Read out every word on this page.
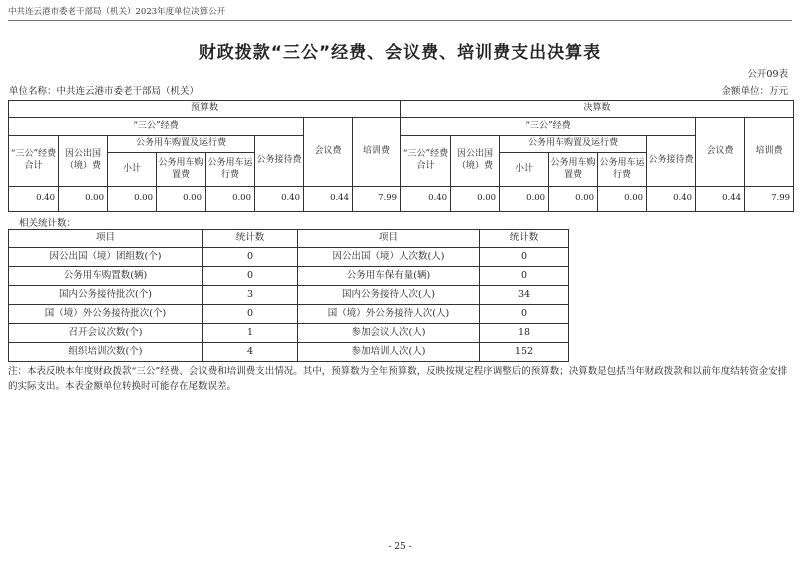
中共连云港市委老干部局（机关）2023年度单位决算公开
财政拨款“三公”经费、会议费、培训费支出决算表
公开09表
单位名称：中共连云港市委老干部局（机关）	金额单位：万元
预算数								决算数							
“三公”经费						会议费	培训费	“三公”经费						会议费	培训费
“三公”经费合计	因公出国（境）费	公务用车购置及运行费			公务接待费			“三公”经费合计	因公出国（境）费	公务用车购置及运行费			公务接待费		
		小计	公务用车购置费	公务用车运行费						小计	公务用车购置费	公务用车运行费			
0.40	0.00	0.00	0.00	0.00	0.40	0.44	7.99	0.40	0.00	0.00	0.00	0.00	0.40	0.44	7.99
相关统计数：
项目	统计数	项目	统计数
因公出国（境）团组数(个)	0	因公出国（境）人次数(人)	0
公务用车购置数(辆)	0	公务用车保有量(辆)	0
国内公务接待批次(个)	3	国内公务接待人次(人)	34
国（境）外公务接待批次(个)	0	国（境）外公务接待人次(人)	0
召开会议次数(个)	1	参加会议人次(人)	18
组织培训次数(个)	4	参加培训人次(人)	152
注：本表反映本年度财政拨款“三公”经费、会议费和培训费支出情况。其中，预算数为全年预算数，反映按规定程序调整后的预算数；决算数是包括当年财政拨款和以前年度结转资金安排的实际支出。本表金额单位转换时可能存在尾数误差。
- 25 -
